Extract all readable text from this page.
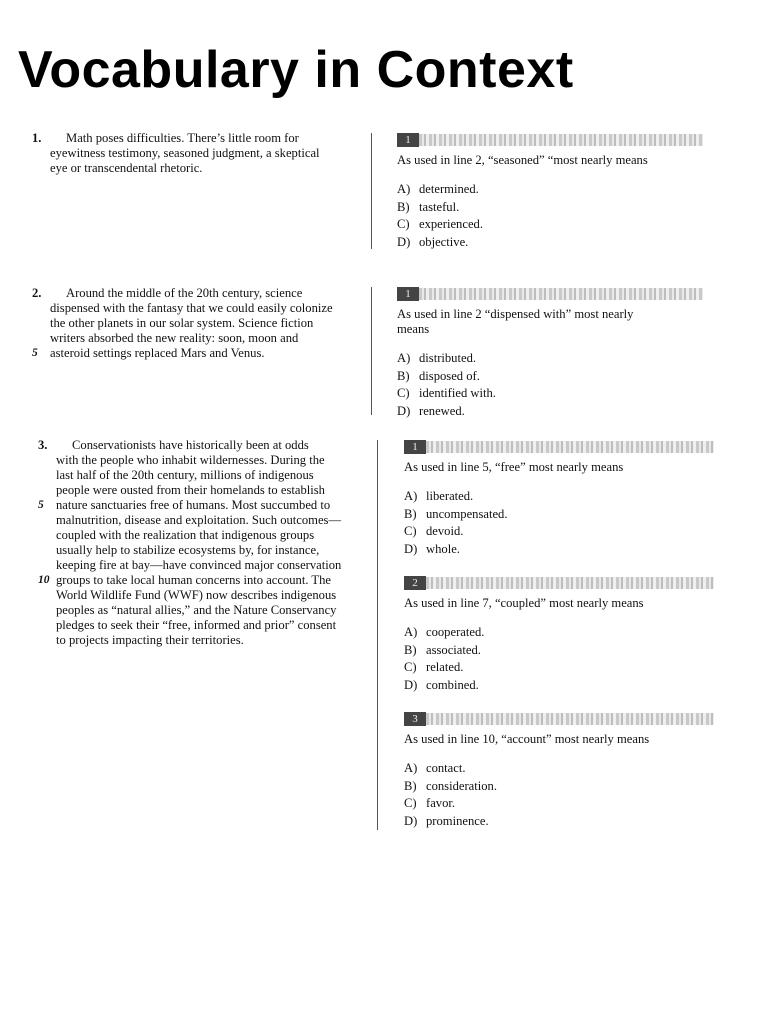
Vocabulary in Context
1. Math poses difficulties. There’s little room for
eyewitness testimony, seasoned judgment, a skeptical
eye or transcendental rhetoric.
2. Around the middle of the 20th century, science
dispensed with the fantasy that we could easily colonize
the other planets in our solar system. Science fiction
writers absorbed the new reality: soon, moon and
5 asteroid settings replaced Mars and Venus.
3. Conservationists have historically been at odds
with the people who inhabit wildernesses. During the
last half of the 20th century, millions of indigenous
people were ousted from their homelands to establish
5 nature sanctuaries free of humans. Most succumbed to
malnutrition, disease and exploitation. Such outcomes—
coupled with the realization that indigenous groups
usually help to stabilize ecosystems by, for instance,
keeping fire at bay—have convinced major conservation
10 groups to take local human concerns into account. The
World Wildlife Fund (WWF) now describes indigenous
peoples as “natural allies,” and the Nature Conservancy
pledges to seek their “free, informed and prior” consent
to projects impacting their territories.
1
As used in line 2, “seasoned” “most nearly means
A) determined.
B) tasteful.
C) experienced.
D) objective.
1
As used in line 2 “dispensed with” most nearly
means
A) distributed.
B) disposed of.
C) identified with.
D) renewed.
1
As used in line 5, “free” most nearly means
A) liberated.
B) uncompensated.
C) devoid.
D) whole.
2
As used in line 7, “coupled” most nearly means
A) cooperated.
B) associated.
C) related.
D) combined.
3
As used in line 10, “account” most nearly means
A) contact.
B) consideration.
C) favor.
D) prominence.
